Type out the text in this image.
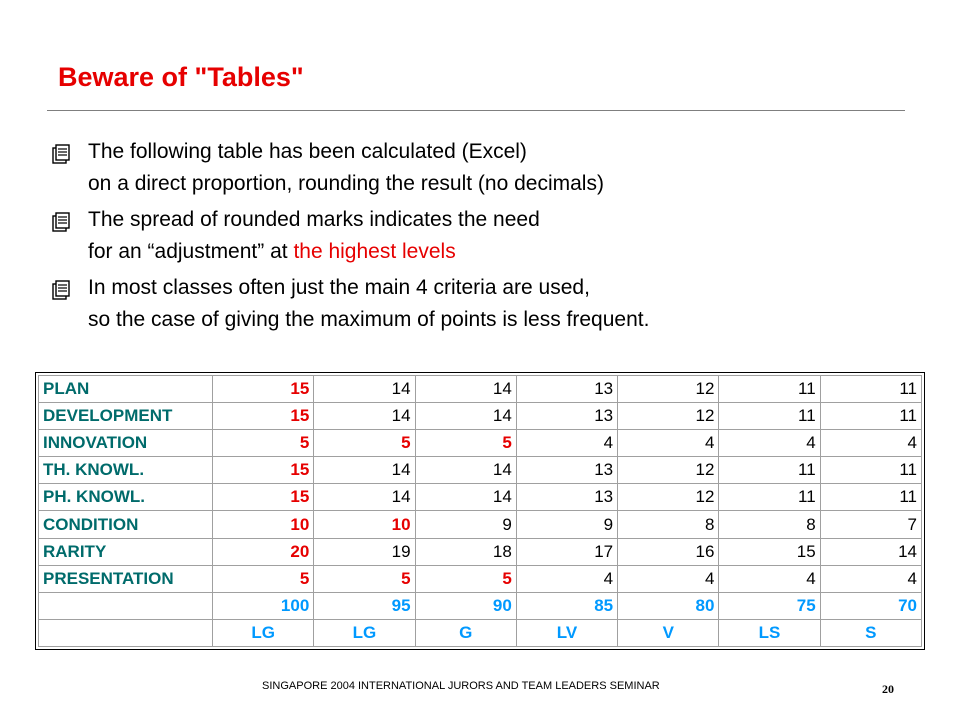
Beware of "Tables"
The following table has been calculated (Excel)
on a direct proportion, rounding the result (no decimals)
The spread of rounded marks indicates the need
for an “adjustment” at the highest levels
In most classes often just the main 4 criteria are used,
so the case of giving the maximum of points is less frequent.
PLAN	15	14	14	13	12	11	11
DEVELOPMENT	15	14	14	13	12	11	11
INNOVATION	5	5	5	4	4	4	4
TH. KNOWL.	15	14	14	13	12	11	11
PH. KNOWL.	15	14	14	13	12	11	11
CONDITION	10	10	9	9	8	8	7
RARITY	20	19	18	17	16	15	14
PRESENTATION	5	5	5	4	4	4	4
	100	95	90	85	80	75	70
	LG	LG	G	LV	V	LS	S
SINGAPORE 2004 INTERNATIONAL JURORS AND TEAM LEADERS SEMINAR	20
